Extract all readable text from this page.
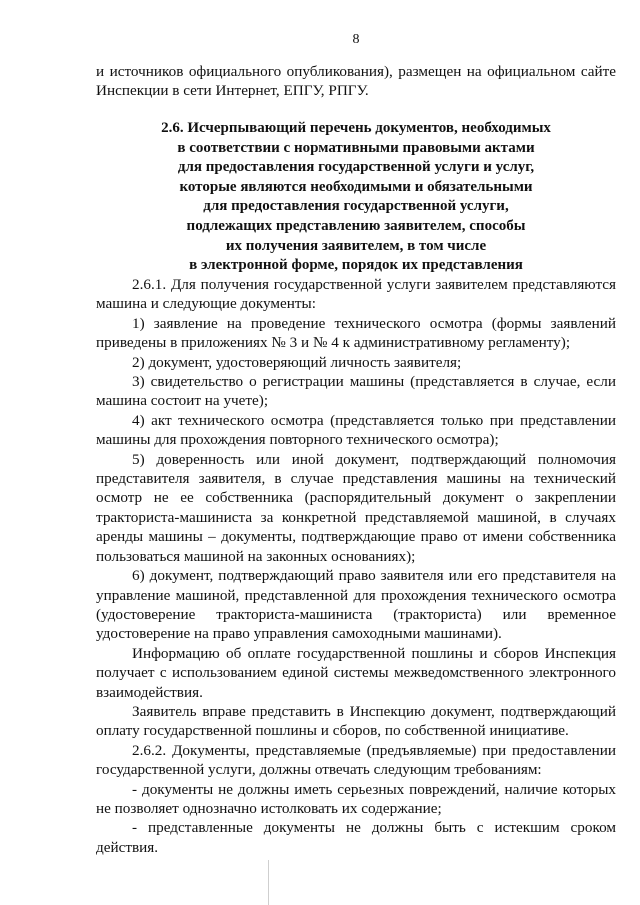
8

и источников официального опубликования), размещен на официальном сайте Инспекции в сети Интернет, ЕПГУ, РПГУ.

2.6. Исчерпывающий перечень документов, необходимых
в соответствии с нормативными правовыми актами
для предоставления государственной услуги и услуг,
которые являются необходимыми и обязательными
для предоставления государственной услуги,
подлежащих представлению заявителем, способы
их получения заявителем, в том числе
в электронной форме, порядок их представления

2.6.1. Для получения государственной услуги заявителем представляются машина и следующие документы:

1) заявление на проведение технического осмотра (формы заявлений приведены в приложениях № 3 и № 4 к административному регламенту);

2) документ, удостоверяющий личность заявителя;

3) свидетельство о регистрации машины (представляется в случае, если машина состоит на учете);

4) акт технического осмотра (представляется только при представлении машины для прохождения повторного технического осмотра);

5) доверенность или иной документ, подтверждающий полномочия представителя заявителя, в случае представления машины на технический осмотр не ее собственника (распорядительный документ о закреплении тракториста-машиниста за конкретной представляемой машиной, в случаях аренды машины – документы, подтверждающие право от имени собственника пользоваться машиной на законных основаниях);

6) документ, подтверждающий право заявителя или его представителя на управление машиной, представленной для прохождения технического осмотра (удостоверение тракториста-машиниста (тракториста) или временное удостоверение на право управления самоходными машинами).

Информацию об оплате государственной пошлины и сборов Инспекция получает с использованием единой системы межведомственного электронного взаимодействия.

Заявитель вправе представить в Инспекцию документ, подтверждающий оплату государственной пошлины и сборов, по собственной инициативе.

2.6.2. Документы, представляемые (предъявляемые) при предоставлении государственной услуги, должны отвечать следующим требованиям:

- документы не должны иметь серьезных повреждений, наличие которых не позволяет однозначно истолковать их содержание;

- представленные документы не должны быть с истекшим сроком действия.
